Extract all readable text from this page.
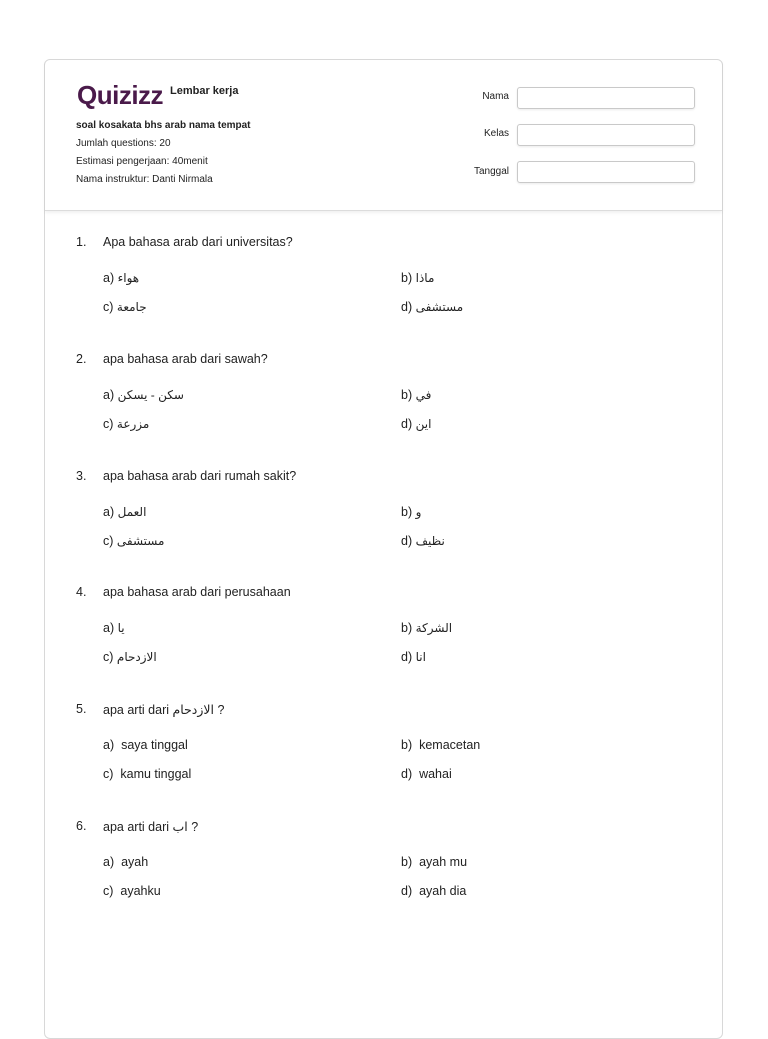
Quizizz Lembar kerja
soal kosakata bhs arab nama tempat
Jumlah questions: 20
Estimasi pengerjaan: 40menit
Nama instruktur: Danti Nirmala
Nama
Kelas
Tanggal
1. Apa bahasa arab dari universitas?
a) هواء	b) ماذا
c) جامعة	d) مستشفى
2. apa bahasa arab dari sawah?
a) سكن - يسكن	b) في
c) مزرعة	d) اين
3. apa bahasa arab dari rumah sakit?
a) العمل	b) و
c) مستشفى	d) نظيف
4. apa bahasa arab dari perusahaan
a) يا	b) الشركة
c) الازدحام	d) انا
5. apa arti dari الازدحام ?
a) saya tinggal	b) kemacetan
c) kamu tinggal	d) wahai
6. apa arti dari اب ?
a) ayah	b) ayah mu
c) ayahku	d) ayah dia
